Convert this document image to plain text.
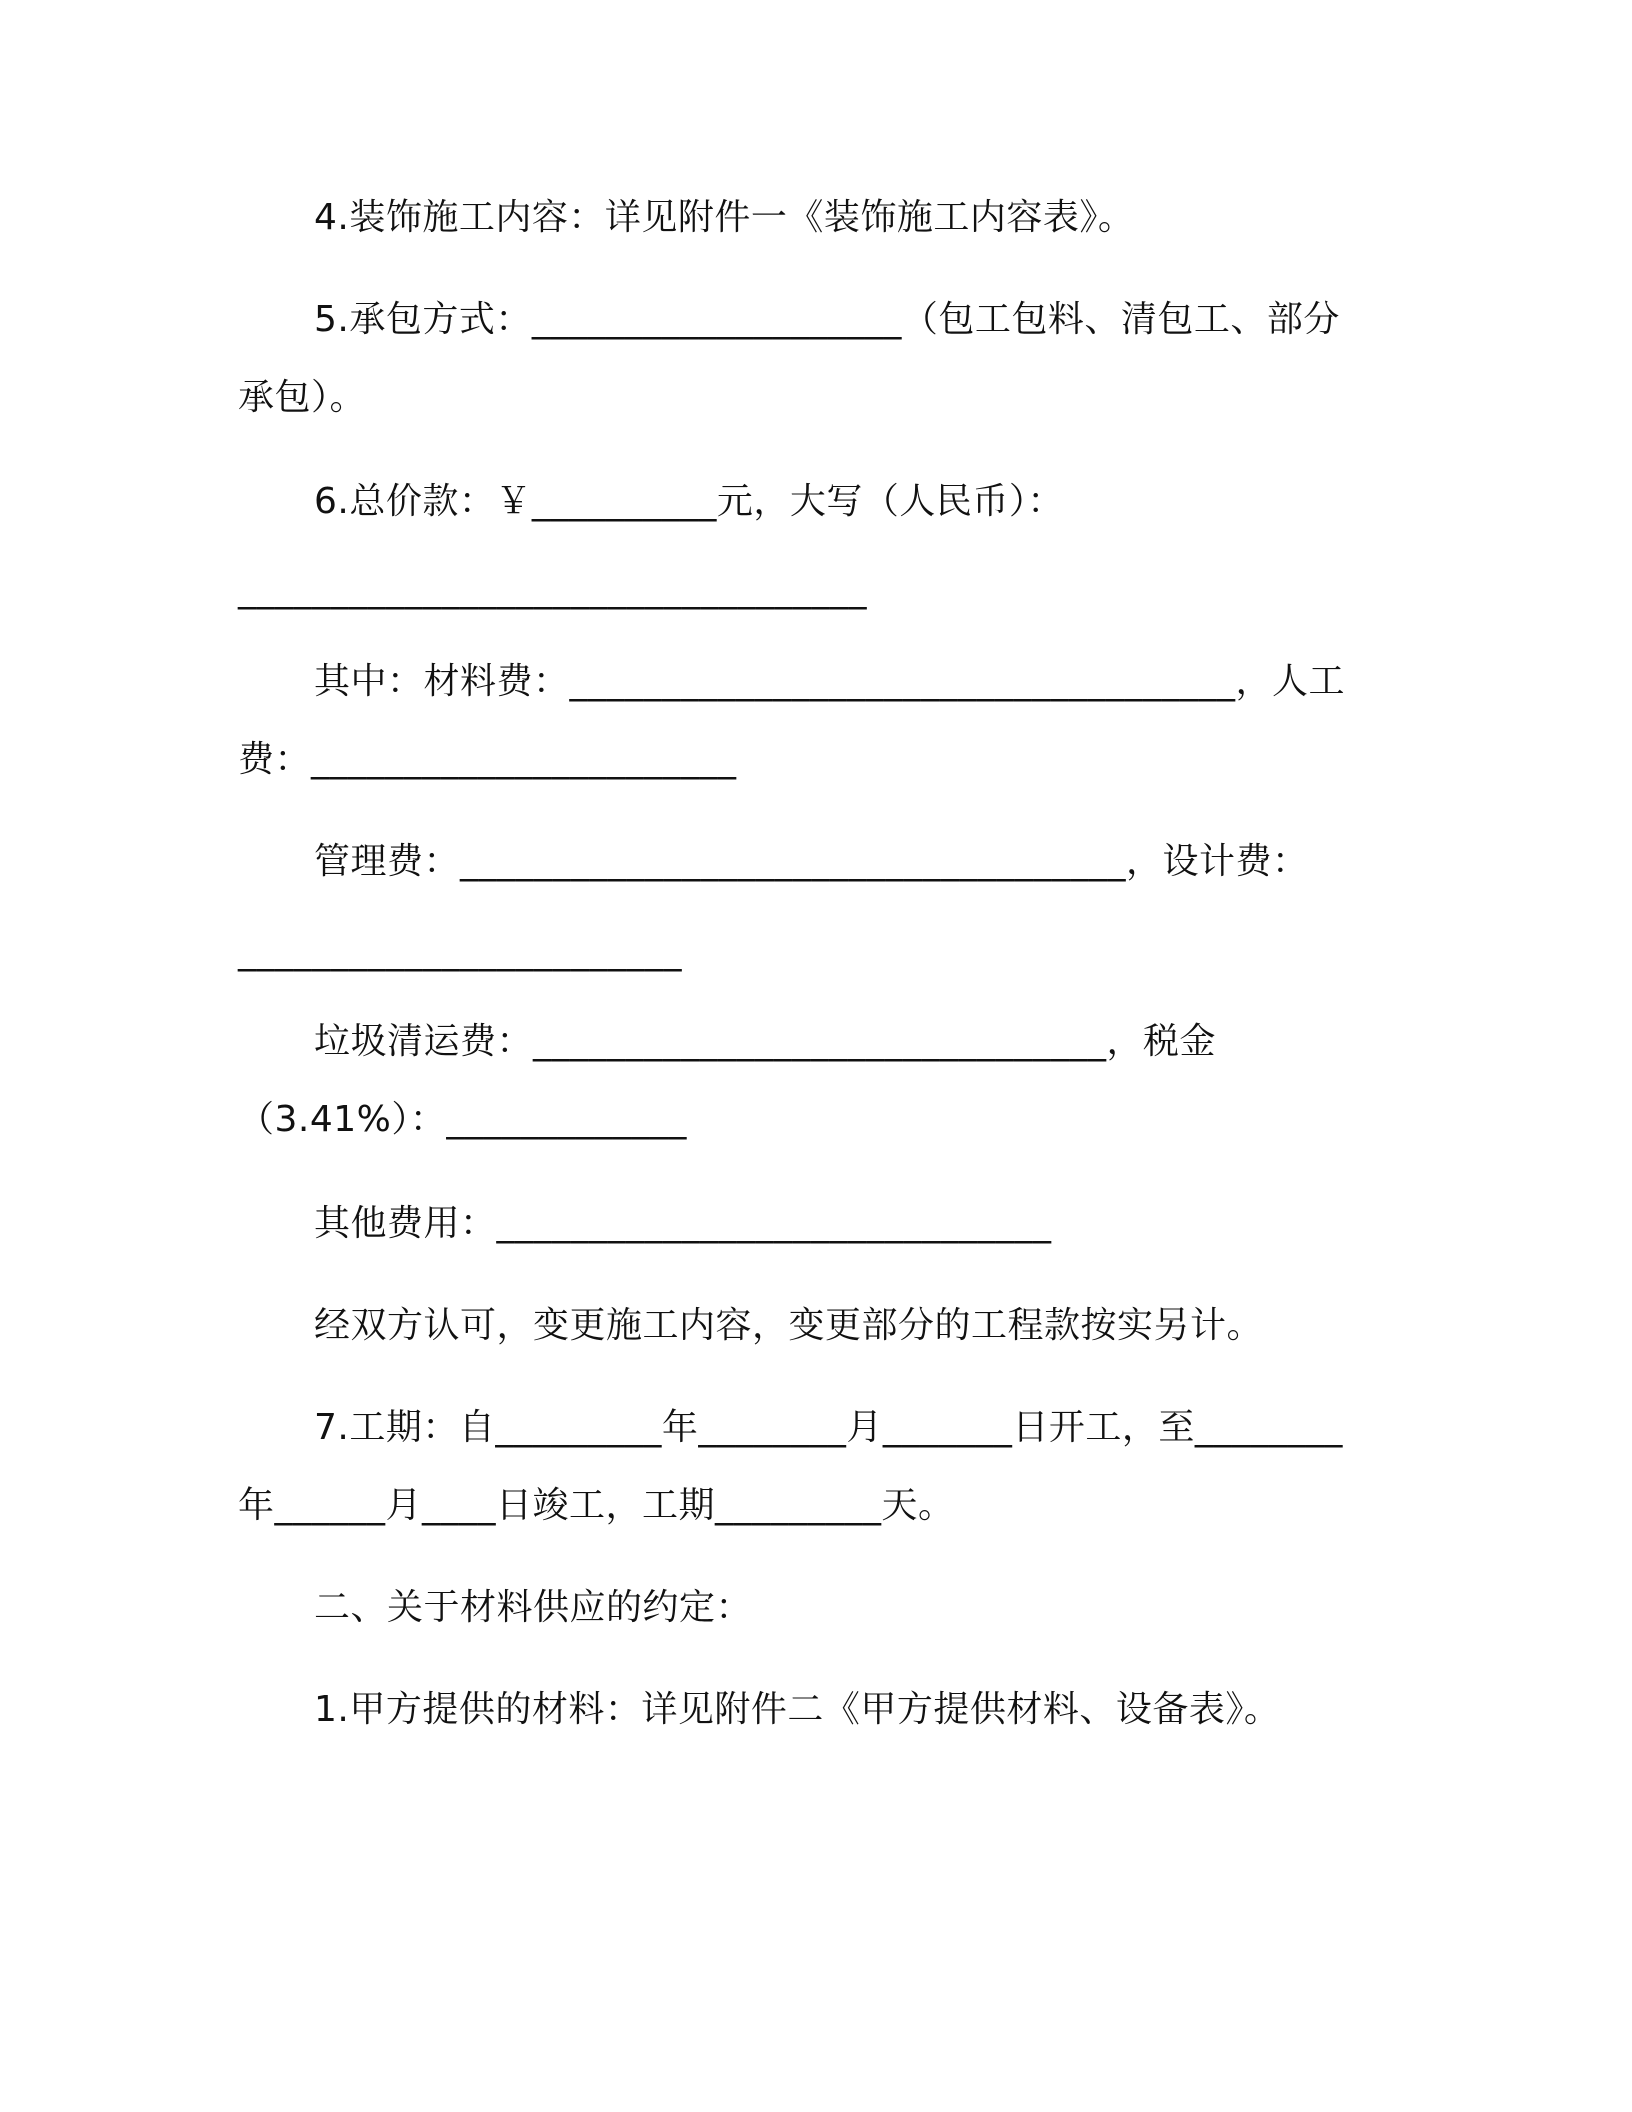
4.装饰施工内容：详见附件一《装饰施工内容表》。
5.承包方式：____________________（包工包料、清包工、部分
承包）。
6.总价款：￥__________元，大写（人民币）：
__________________________________
其中：材料费：____________________________________，人工
费：_______________________
管理费：____________________________________，设计费：
________________________
垃圾清运费：_______________________________，税金
（3.41%）：_____________
其他费用：______________________________
经双方认可，变更施工内容，变更部分的工程款按实另计。
7.工期：自_________年________月_______日开工，至________
年______月____日竣工，工期_________天。
二、关于材料供应的约定：
1.甲方提供的材料：详见附件二《甲方提供材料、设备表》。
